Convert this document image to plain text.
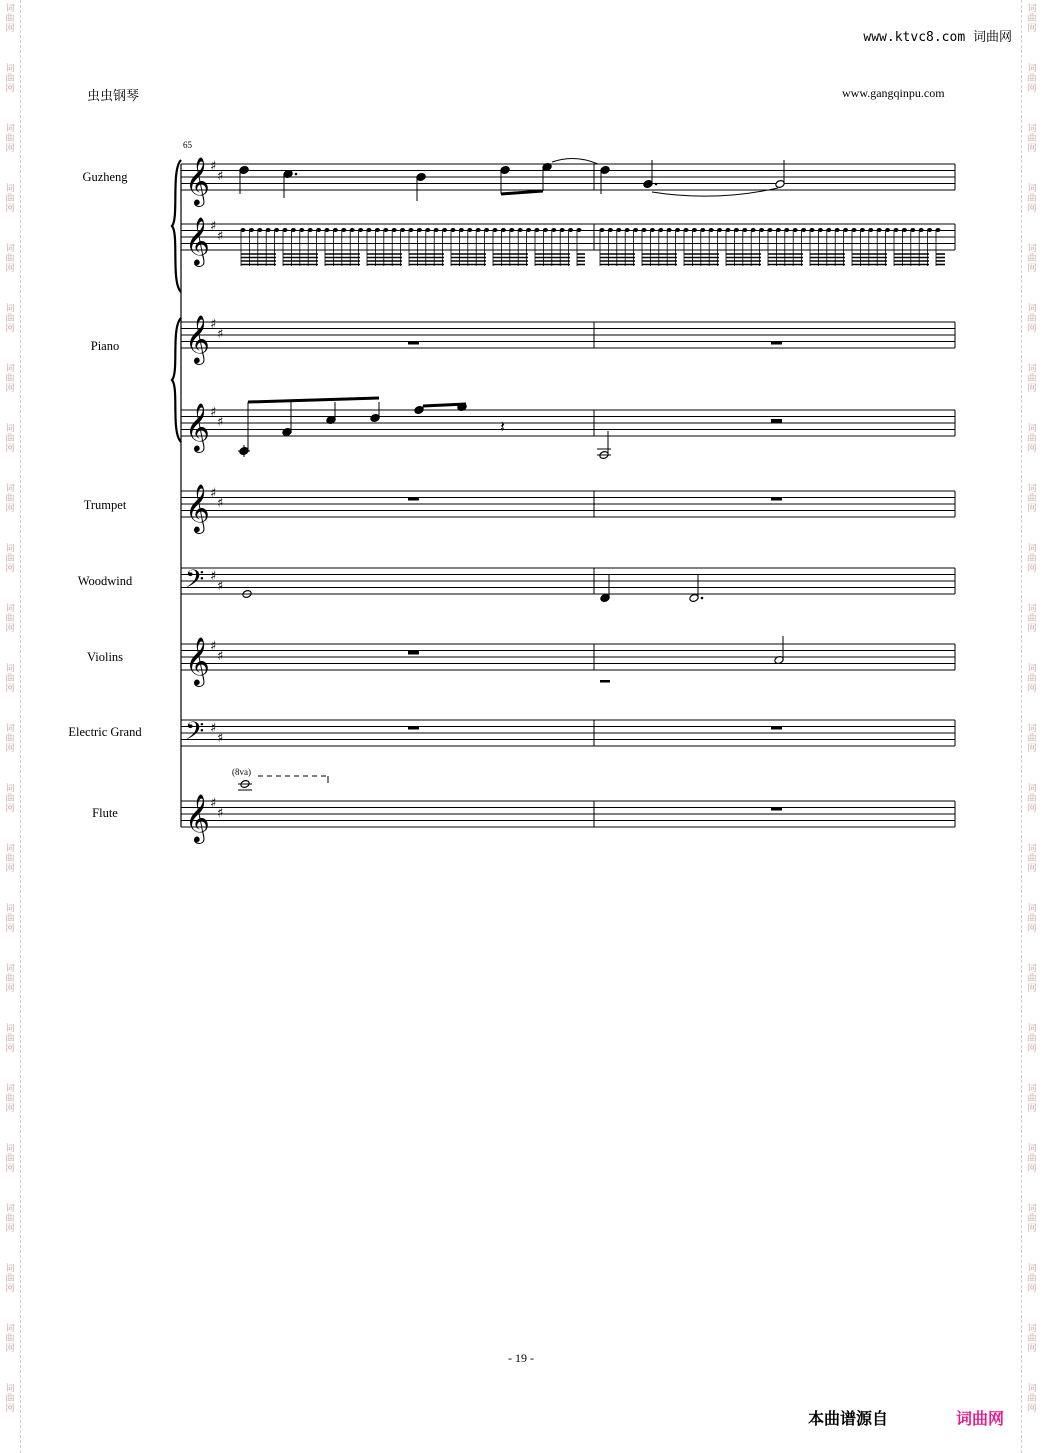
词
曲
网
词
曲
网
词
曲
网
词
曲
网
词
曲
网
词
曲
网
词
曲
网
词
曲
网
词
曲
网
词
曲
网
词
曲
网
词
曲
网
词
曲
网
词
曲
网
词
曲
网
词
曲
网
词
曲
网
词
曲
网
词
曲
网
词
曲
网
词
曲
网
词
曲
网
词
曲
网
词
曲
网
词
曲
网
词
曲
网
词
曲
网
词
曲
网
词
曲
网
词
曲
网
词
曲
网
词
曲
网
词
曲
网
词
曲
网
词
曲
网
词
曲
网
词
曲
网
词
曲
网
词
曲
网
词
曲
网
词
曲
网
词
曲
网
词
曲
网
词
曲
网
词
曲
网
词
曲
网
词
曲
网
词
曲
网
www.ktvc8.com 词曲网
虫虫钢琴	www.gangqinpu.com
Guzheng
Piano
Trumpet
Woodwind
Violins
Electric Grand
Flute
𝄞
𝄞
𝄞
𝄞
𝄞
𝄢
𝄞
𝄢
𝄞
♯
♯
♯
♯
♯
♯
♯
♯
♯
♯
♯
♯
♯
♯
♯
♯
♯
♯
𝄽
65
(8va)
- 19 -
本曲谱源自	词曲网
